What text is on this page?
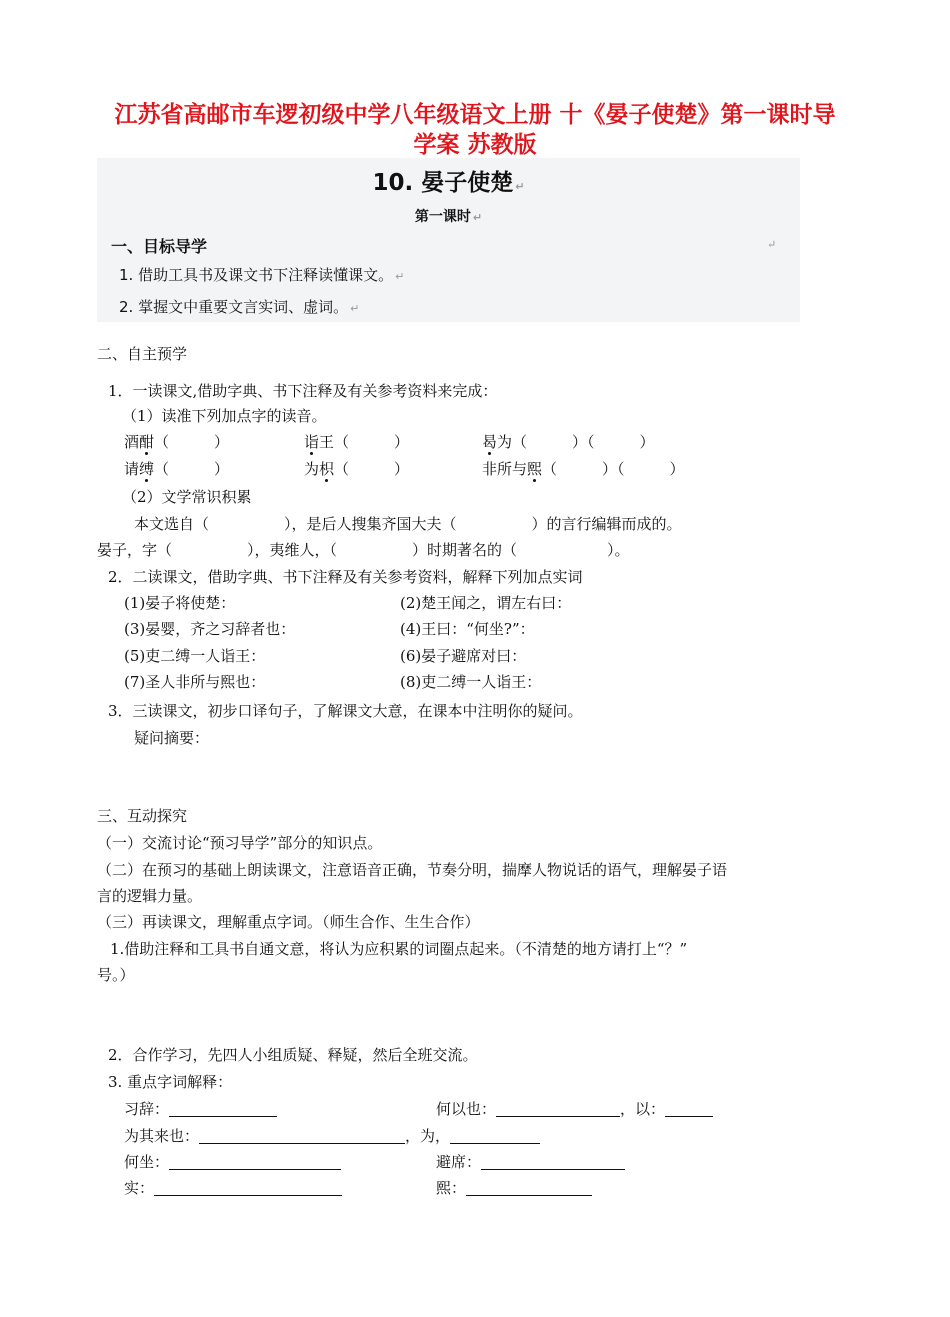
江苏省高邮市车逻初级中学八年级语文上册 十《晏子使楚》第一课时导
学案 苏教版
10. 晏子使楚 ↵
第一课时 ↵
一、目标导学	↵
1. 借助工具书及课文书下注释读懂课文。 ↵
2. 掌握文中重要文言实词、虚词。 ↵
二、自主预学
1．一读课文,借助字典、书下注释及有关参考资料来完成：
（1）读准下列加点字的读音。
酒酣（　　　）	诣王（　　　）	曷为（　　　）（　　　）
请缚（　　　）	为枳（　　　）	非所与熙（　　　）（　　　）
（2）文学常识积累
本文选自（　　　　　），是后人搜集齐国大夫（　　　　　）的言行编辑而成的。
晏子，字（　　　　　），夷维人，（　　　　　）时期著名的（　　　　　　）。
2．二读课文，借助字典、书下注释及有关参考资料，解释下列加点实词
(1)晏子将使楚：	(2)楚王闻之，谓左右曰：
(3)晏婴，齐之习辞者也：	(4)王曰：“何坐?”：
(5)吏二缚一人诣王：	(6)晏子避席对曰：
(7)圣人非所与熙也：	(8)吏二缚一人诣王：
3．三读课文，初步口译句子，了解课文大意，在课本中注明你的疑问。
疑问摘要：
三、互动探究
（一）交流讨论“预习导学”部分的知识点。
（二）在预习的基础上朗读课文，注意语音正确，节奏分明，揣摩人物说话的语气，理解晏子语
言的逻辑力量。
（三）再读课文，理解重点字词。（师生合作、生生合作）
1.借助注释和工具书自通文意，将认为应积累的词圈点起来。（不清楚的地方请打上“？”
号。）
2．合作学习，先四人小组质疑、释疑，然后全班交流。
3. 重点字词解释：
习辞：	何以也：	，以：
为其来也：	，为，
何坐：	避席：
实：	熙：
